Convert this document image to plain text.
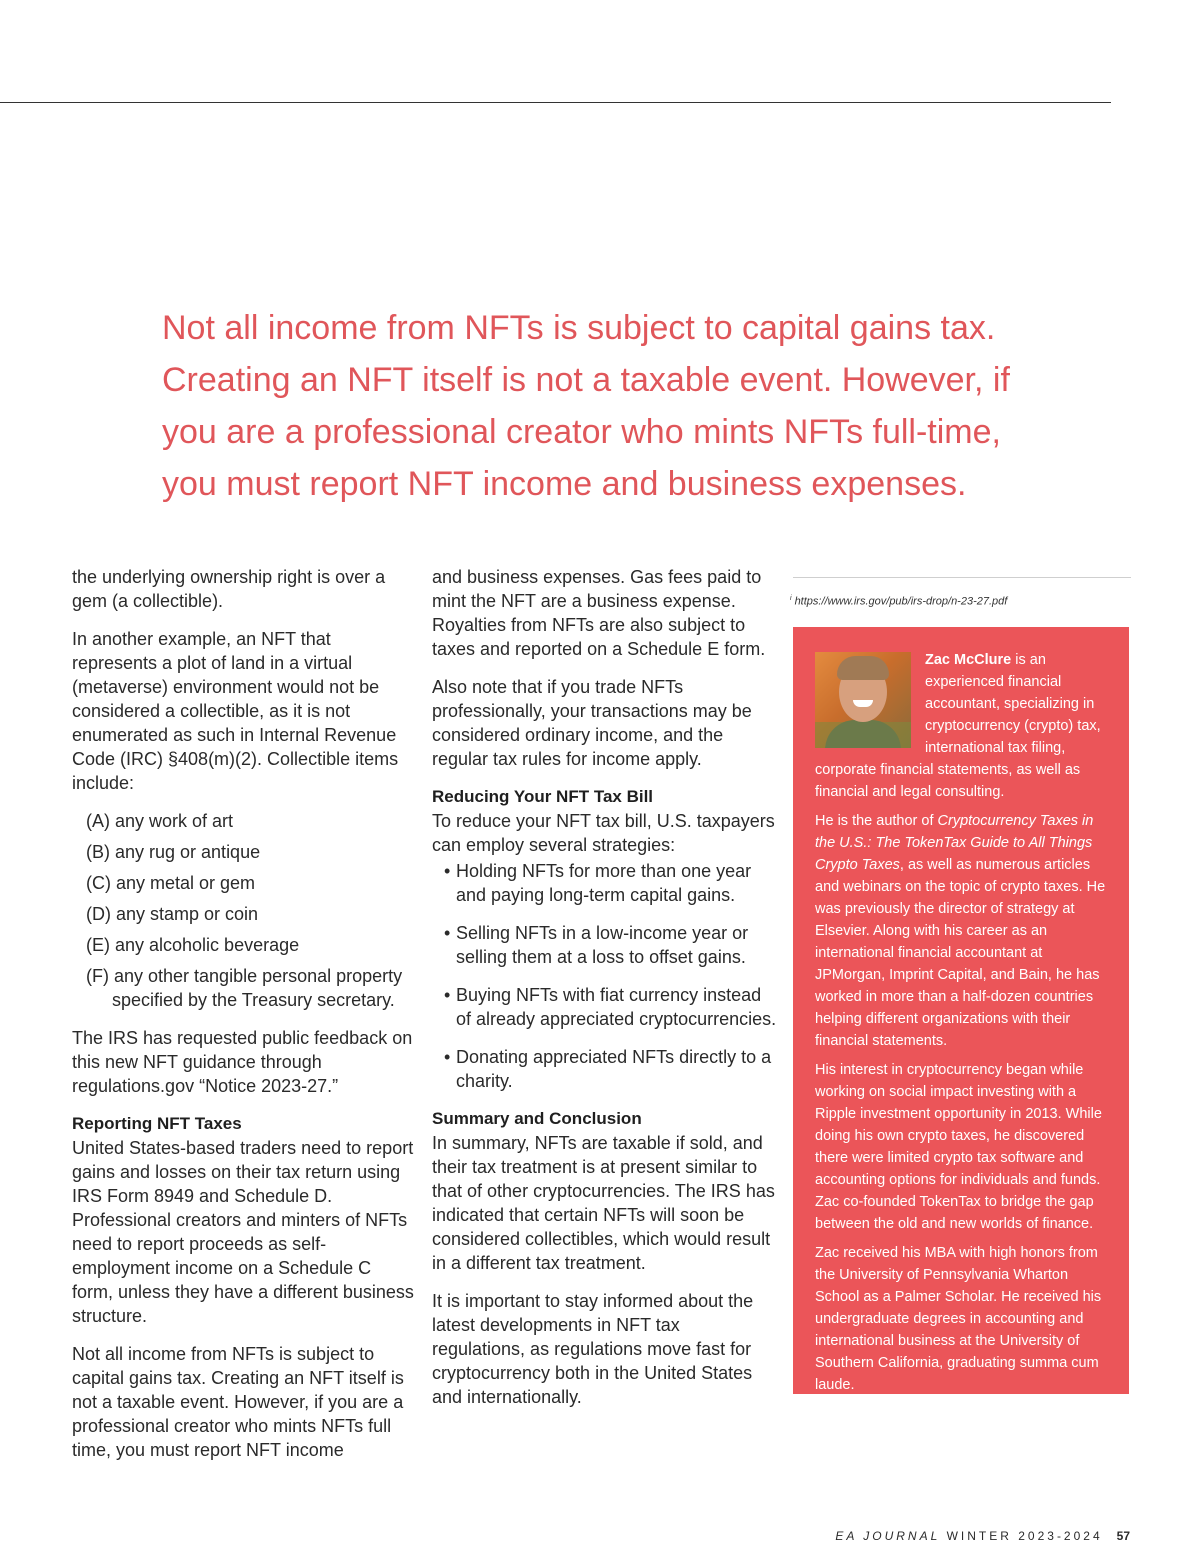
Not all income from NFTs is subject to capital gains tax. Creating an NFT itself is not a taxable event. However, if you are a professional creator who mints NFTs full-time, you must report NFT income and business expenses.

the underlying ownership right is over a gem (a collectible).

In another example, an NFT that represents a plot of land in a virtual (metaverse) environment would not be considered a collectible, as it is not enumerated as such in Internal Revenue Code (IRC) §408(m)(2). Collectible items include:

(A) any work of art
(B) any rug or antique
(C) any metal or gem
(D) any stamp or coin
(E) any alcoholic beverage
(F) any other tangible personal property specified by the Treasury secretary.

The IRS has requested public feedback on this new NFT guidance through regulations.gov “Notice 2023-27.”

Reporting NFT Taxes

United States-based traders need to report gains and losses on their tax return using IRS Form 8949 and Schedule D. Professional creators and minters of NFTs need to report proceeds as self-employment income on a Schedule C form, unless they have a different business structure.

Not all income from NFTs is subject to capital gains tax. Creating an NFT itself is not a taxable event. However, if you are a professional creator who mints NFTs full time, you must report NFT income

and business expenses. Gas fees paid to mint the NFT are a business expense. Royalties from NFTs are also subject to taxes and reported on a Schedule E form.

Also note that if you trade NFTs professionally, your transactions may be considered ordinary income, and the regular tax rules for income apply.

Reducing Your NFT Tax Bill

To reduce your NFT tax bill, U.S. taxpayers can employ several strategies:

• Holding NFTs for more than one year and paying long-term capital gains.
• Selling NFTs in a low-income year or selling them at a loss to offset gains.
• Buying NFTs with fiat currency instead of already appreciated cryptocurrencies.
• Donating appreciated NFTs directly to a charity.
Summary and Conclusion

In summary, NFTs are taxable if sold, and their tax treatment is at present similar to that of other cryptocurrencies. The IRS has indicated that certain NFTs will soon be considered collectibles, which would result in a different tax treatment.

It is important to stay informed about the latest developments in NFT tax regulations, as regulations move fast for cryptocurrency both in the United States and internationally.

$^i$ https://www.irs.gov/pub/irs-drop/n-23-27.pdf

Zac McClure is an experienced financial accountant, specializing in cryptocurrency (crypto) tax, international tax filing, corporate financial statements, as well as financial and legal consulting.

He is the author of Cryptocurrency Taxes in the U.S.: The TokenTax Guide to All Things Crypto Taxes, as well as numerous articles and webinars on the topic of crypto taxes. He was previously the director of strategy at Elsevier. Along with his career as an international financial accountant at JPMorgan, Imprint Capital, and Bain, he has worked in more than a half-dozen countries helping different organizations with their financial statements.

His interest in cryptocurrency began while working on social impact investing with a Ripple investment opportunity in 2013. While doing his own crypto taxes, he discovered there were limited crypto tax software and accounting options for individuals and funds. Zac co-founded TokenTax to bridge the gap between the old and new worlds of finance.

Zac received his MBA with high honors from the University of Pennsylvania Wharton School as a Palmer Scholar. He received his undergraduate degrees in accounting and international business at the University of Southern California, graduating summa cum laude.

EA JOURNAL WINTER 2023-2024 57
